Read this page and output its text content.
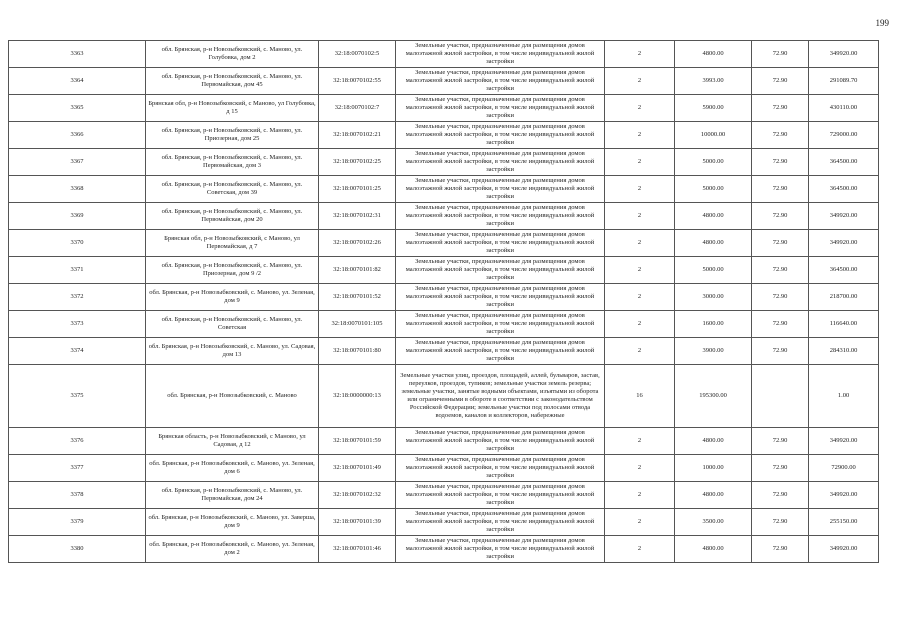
199
3363	обл. Брянская, р-н Новозыбковский, с. Маново, ул. Голубовка, дом 2	32:18:0070102:5	Земельные участки, предназначенные для размещения домов малоэтажной жилой застройки, в том числе индивидуальной жилой застройки	2	4800.00	72.90	349920.00
3364	обл. Брянская, р-н Новозыбковский, с. Маново, ул. Первомайская, дом 45	32:18:0070102:55	Земельные участки, предназначенные для размещения домов малоэтажной жилой застройки, в том числе индивидуальной жилой застройки	2	3993.00	72.90	291089.70
3365	Брянская обл, р-н Новозыбковский, с Маново, ул Голубовка, д 15	32:18:0070102:7	Земельные участки, предназначенные для размещения домов малоэтажной жилой застройки, в том числе индивидуальной жилой застройки	2	5900.00	72.90	430110.00
3366	обл. Брянская, р-н Новозыбковский, с. Маново, ул. Приозерная, дом 25	32:18:0070102:21	Земельные участки, предназначенные для размещения домов малоэтажной жилой застройки, в том числе индивидуальной жилой застройки	2	10000.00	72.90	729000.00
3367	обл. Брянская, р-н Новозыбковский, с. Маново, ул. Первомайская, дом 3	32:18:0070102:25	Земельные участки, предназначенные для размещения домов малоэтажной жилой застройки, в том числе индивидуальной жилой застройки	2	5000.00	72.90	364500.00
3368	обл. Брянская, р-н Новозыбковский, с. Маново, ул. Советская, дом 39	32:18:0070101:25	Земельные участки, предназначенные для размещения домов малоэтажной жилой застройки, в том числе индивидуальной жилой застройки	2	5000.00	72.90	364500.00
3369	обл. Брянская, р-н Новозыбковский, с. Маново, ул. Первомайская, дом 20	32:18:0070102:31	Земельные участки, предназначенные для размещения домов малоэтажной жилой застройки, в том числе индивидуальной жилой застройки	2	4800.00	72.90	349920.00
3370	Брянская обл, р-н Новозыбковский, с Маново, ул Первомайская, д 7	32:18:0070102:26	Земельные участки, предназначенные для размещения домов малоэтажной жилой застройки, в том числе индивидуальной жилой застройки	2	4800.00	72.90	349920.00
3371	обл. Брянская, р-н Новозыбковский, с. Маново, ул. Приозерная, дом 9 /2	32:18:0070101:82	Земельные участки, предназначенные для размещения домов малоэтажной жилой застройки, в том числе индивидуальной жилой застройки	2	5000.00	72.90	364500.00
3372	обл. Брянская, р-н Новозыбковский, с. Маново, ул. Зеленая, дом 9	32:18:0070101:52	Земельные участки, предназначенные для размещения домов малоэтажной жилой застройки, в том числе индивидуальной жилой застройки	2	3000.00	72.90	218700.00
3373	обл. Брянская, р-н Новозыбковский, с. Маново, ул. Советская	32:18:0070101:105	Земельные участки, предназначенные для размещения домов малоэтажной жилой застройки, в том числе индивидуальной жилой застройки	2	1600.00	72.90	116640.00
3374	обл. Брянская, р-н Новозыбковский, с. Маново, ул. Садовая, дом 13	32:18:0070101:80	Земельные участки, предназначенные для размещения домов малоэтажной жилой застройки, в том числе индивидуальной жилой застройки	2	3900.00	72.90	284310.00
3375	обл. Брянская, р-н Новозыбковский, с. Маново	32:18:0000000:13	Земельные участки улиц, проездов, площадей, аллей, бульваров, застав, переулков, проездов, тупиков; земельные участки земель резерва; земельные участки, занятые водными объектами, изъятыми из оборота или ограниченными в обороте в соответствии с законодательством Российской Федерации; земельные участки под полосами отвода водоемов, каналов и коллекторов, набережные	16	195300.00		1.00
3376	Брянская область, р-н Новозыбковский, с Маново, ул Садовая, д 12	32:18:0070101:59	Земельные участки, предназначенные для размещения домов малоэтажной жилой застройки, в том числе индивидуальной жилой застройки	2	4800.00	72.90	349920.00
3377	обл. Брянская, р-н Новозыбковский, с. Маново, ул. Зеленая, дом 6	32:18:0070101:49	Земельные участки, предназначенные для размещения домов малоэтажной жилой застройки, в том числе индивидуальной жилой застройки	2	1000.00	72.90	72900.00
3378	обл. Брянская, р-н Новозыбковский, с. Маново, ул. Первомайская, дом 24	32:18:0070102:32	Земельные участки, предназначенные для размещения домов малоэтажной жилой застройки, в том числе индивидуальной жилой застройки	2	4800.00	72.90	349920.00
3379	обл. Брянская, р-н Новозыбковский, с. Маново, ул. Заверша, дом 9	32:18:0070101:39	Земельные участки, предназначенные для размещения домов малоэтажной жилой застройки, в том числе индивидуальной жилой застройки	2	3500.00	72.90	255150.00
3380	обл. Брянская, р-н Новозыбковский, с. Маново, ул. Зеленая, дом 2	32:18:0070101:46	Земельные участки, предназначенные для размещения домов малоэтажной жилой застройки, в том числе индивидуальной жилой застройки	2	4800.00	72.90	349920.00
